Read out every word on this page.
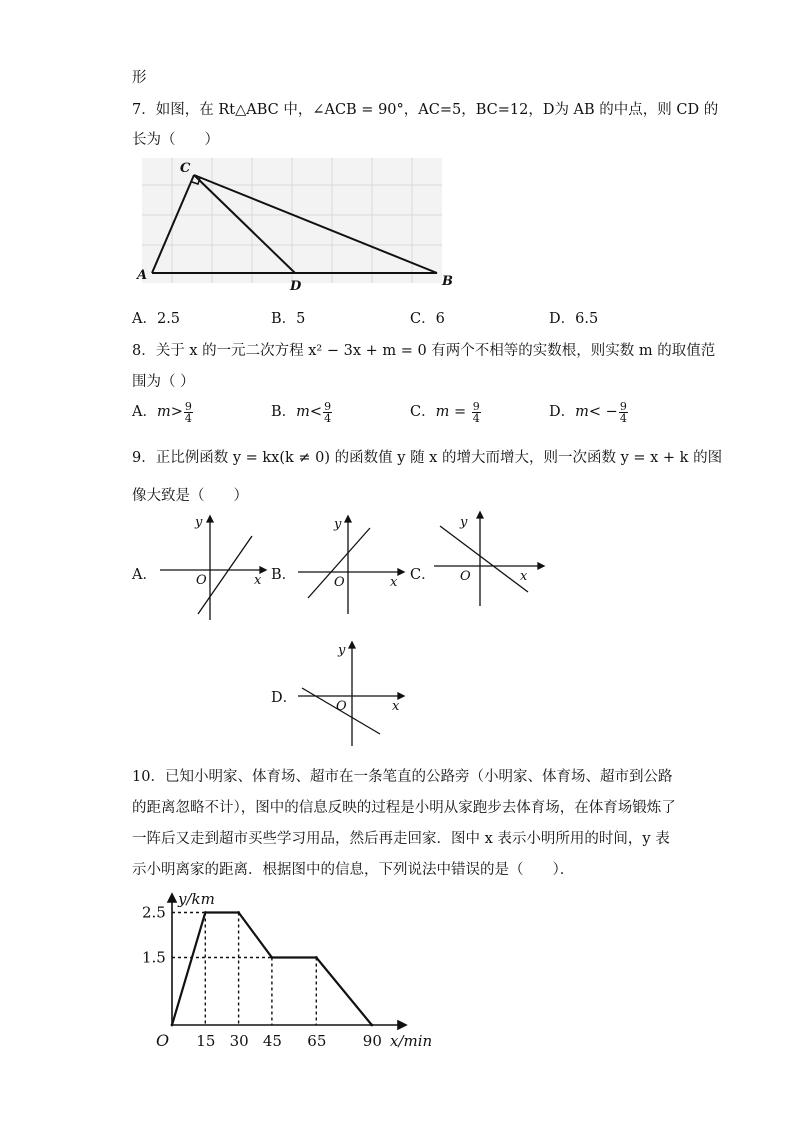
形
7．如图，在 Rt△ABC 中，∠ACB = 90°，AC=5，BC=12，D为 AB 的中点，则 CD 的
长为（　　）
C
A
D	B
A．2.5	B．5	C．6	D．6.5
8．关于 x 的一元二次方程 x² − 3x + m = 0 有两个不相等的实数根，则实数 m 的取值范
围为（ ）
A．$m> \frac{9}{4}$	B．$m< \frac{9}{4}$	C．$m = \frac{9}{4}$	D．$m< - \frac{9}{4}$
9．正比例函数 y = kx(k ≠ 0) 的函数值 y 随 x 的增大而增大，则一次函数 y = x + k 的图
像大致是（　　）
A．
y
O	x B．
y
O	x C．
y
O	x
D．
y
O	x
10．已知小明家、体育场、超市在一条笔直的公路旁（小明家、体育场、超市到公路
的距离忽略不计），图中的信息反映的过程是小明从家跑步去体育场，在体育场锻炼了
一阵后又走到超市买些学习用品，然后再走回家．图中 x 表示小明所用的时间，y 表
示小明离家的距离．根据图中的信息，下列说法中错误的是（　　）．
2.5
1.5
15 30 45 65 90
y/km
x/min
O
